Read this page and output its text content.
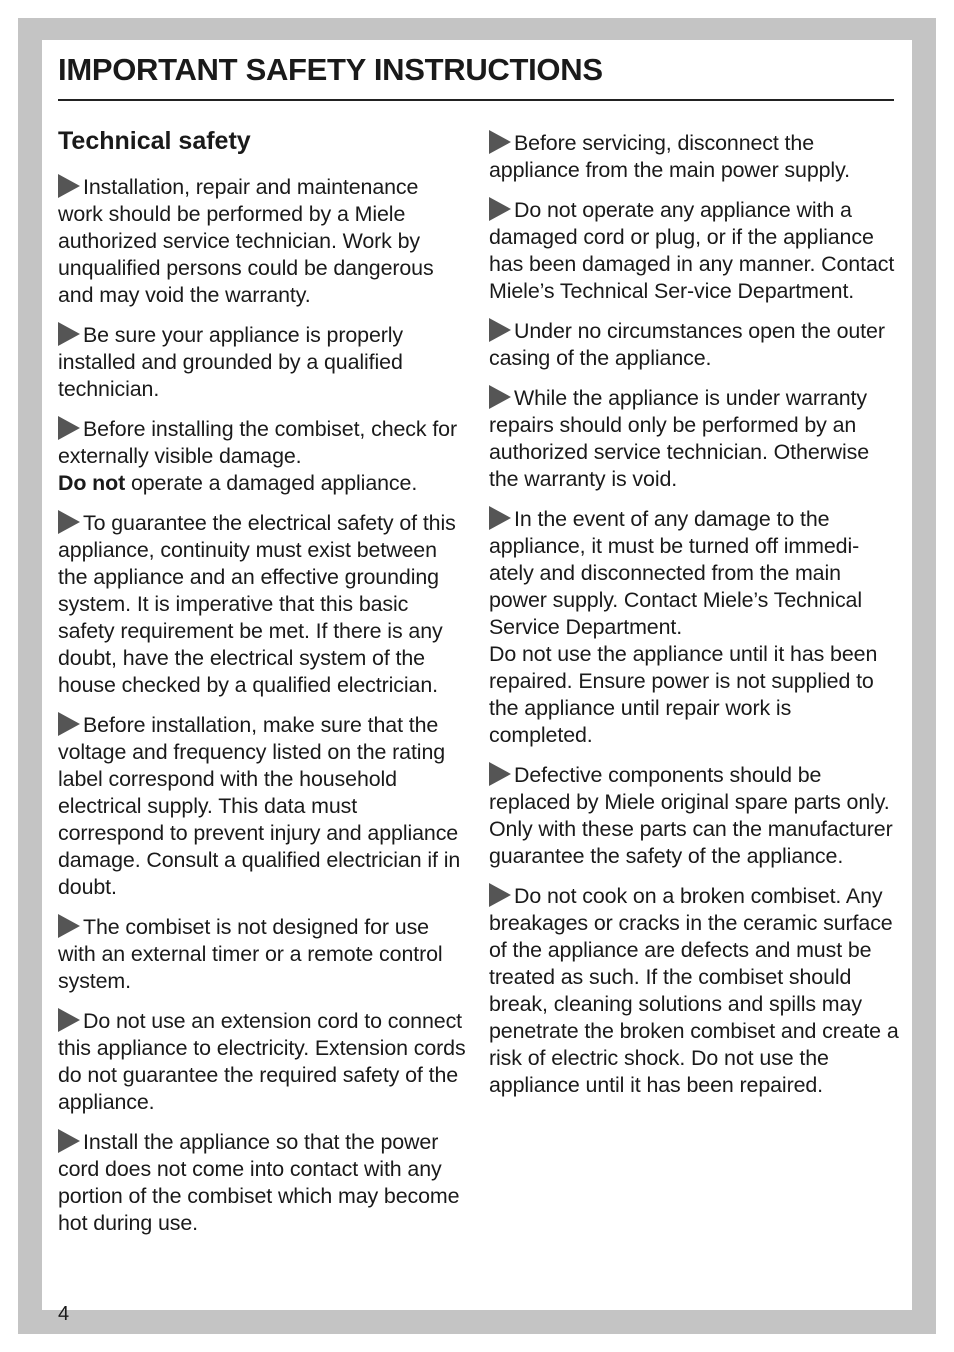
IMPORTANT SAFETY INSTRUCTIONS
Technical safety

Installation, repair and maintenance work should be performed by a Miele authorized service technician. Work by unqualified persons could be dangerous and may void the warranty.

Be sure your appliance is properly installed and grounded by a qualified technician.

Before installing the combiset, check for externally visible damage.
Do not operate a damaged appliance.

To guarantee the electrical safety of this appliance, continuity must exist between the appliance and an effective grounding system. It is imperative that this basic safety requirement be met. If there is any doubt, have the electrical system of the house checked by a qualified electrician.

Before installation, make sure that the voltage and frequency listed on the rating label correspond with the household electrical supply. This data must correspond to prevent injury and appliance damage. Consult a qualified electrician if in doubt.

The combiset is not designed for use with an external timer or a remote control system.

Do not use an extension cord to connect this appliance to electricity. Extension cords do not guarantee the required safety of the appliance.

Install the appliance so that the power cord does not come into contact with any portion of the combiset which may become hot during use.

Before servicing, disconnect the appliance from the main power supply.

Do not operate any appliance with a damaged cord or plug, or if the appliance has been damaged in any manner. Contact Miele’s Technical Ser-vice Department.

Under no circumstances open the outer casing of the appliance.

While the appliance is under warranty repairs should only be performed by an authorized service technician. Otherwise the warranty is void.

In the event of any damage to the appliance, it must be turned off immedi-ately and disconnected from the main power supply. Contact Miele’s Technical Service Department.
Do not use the appliance until it has been repaired. Ensure power is not supplied to the appliance until repair work is completed.

Defective components should be replaced by Miele original spare parts only. Only with these parts can the manufacturer guarantee the safety of the appliance.

Do not cook on a broken combiset. Any breakages or cracks in the ceramic surface of the appliance are defects and must be treated as such. If the combiset should break, cleaning solutions and spills may penetrate the broken combiset and create a risk of electric shock. Do not use the appliance until it has been repaired.

4
